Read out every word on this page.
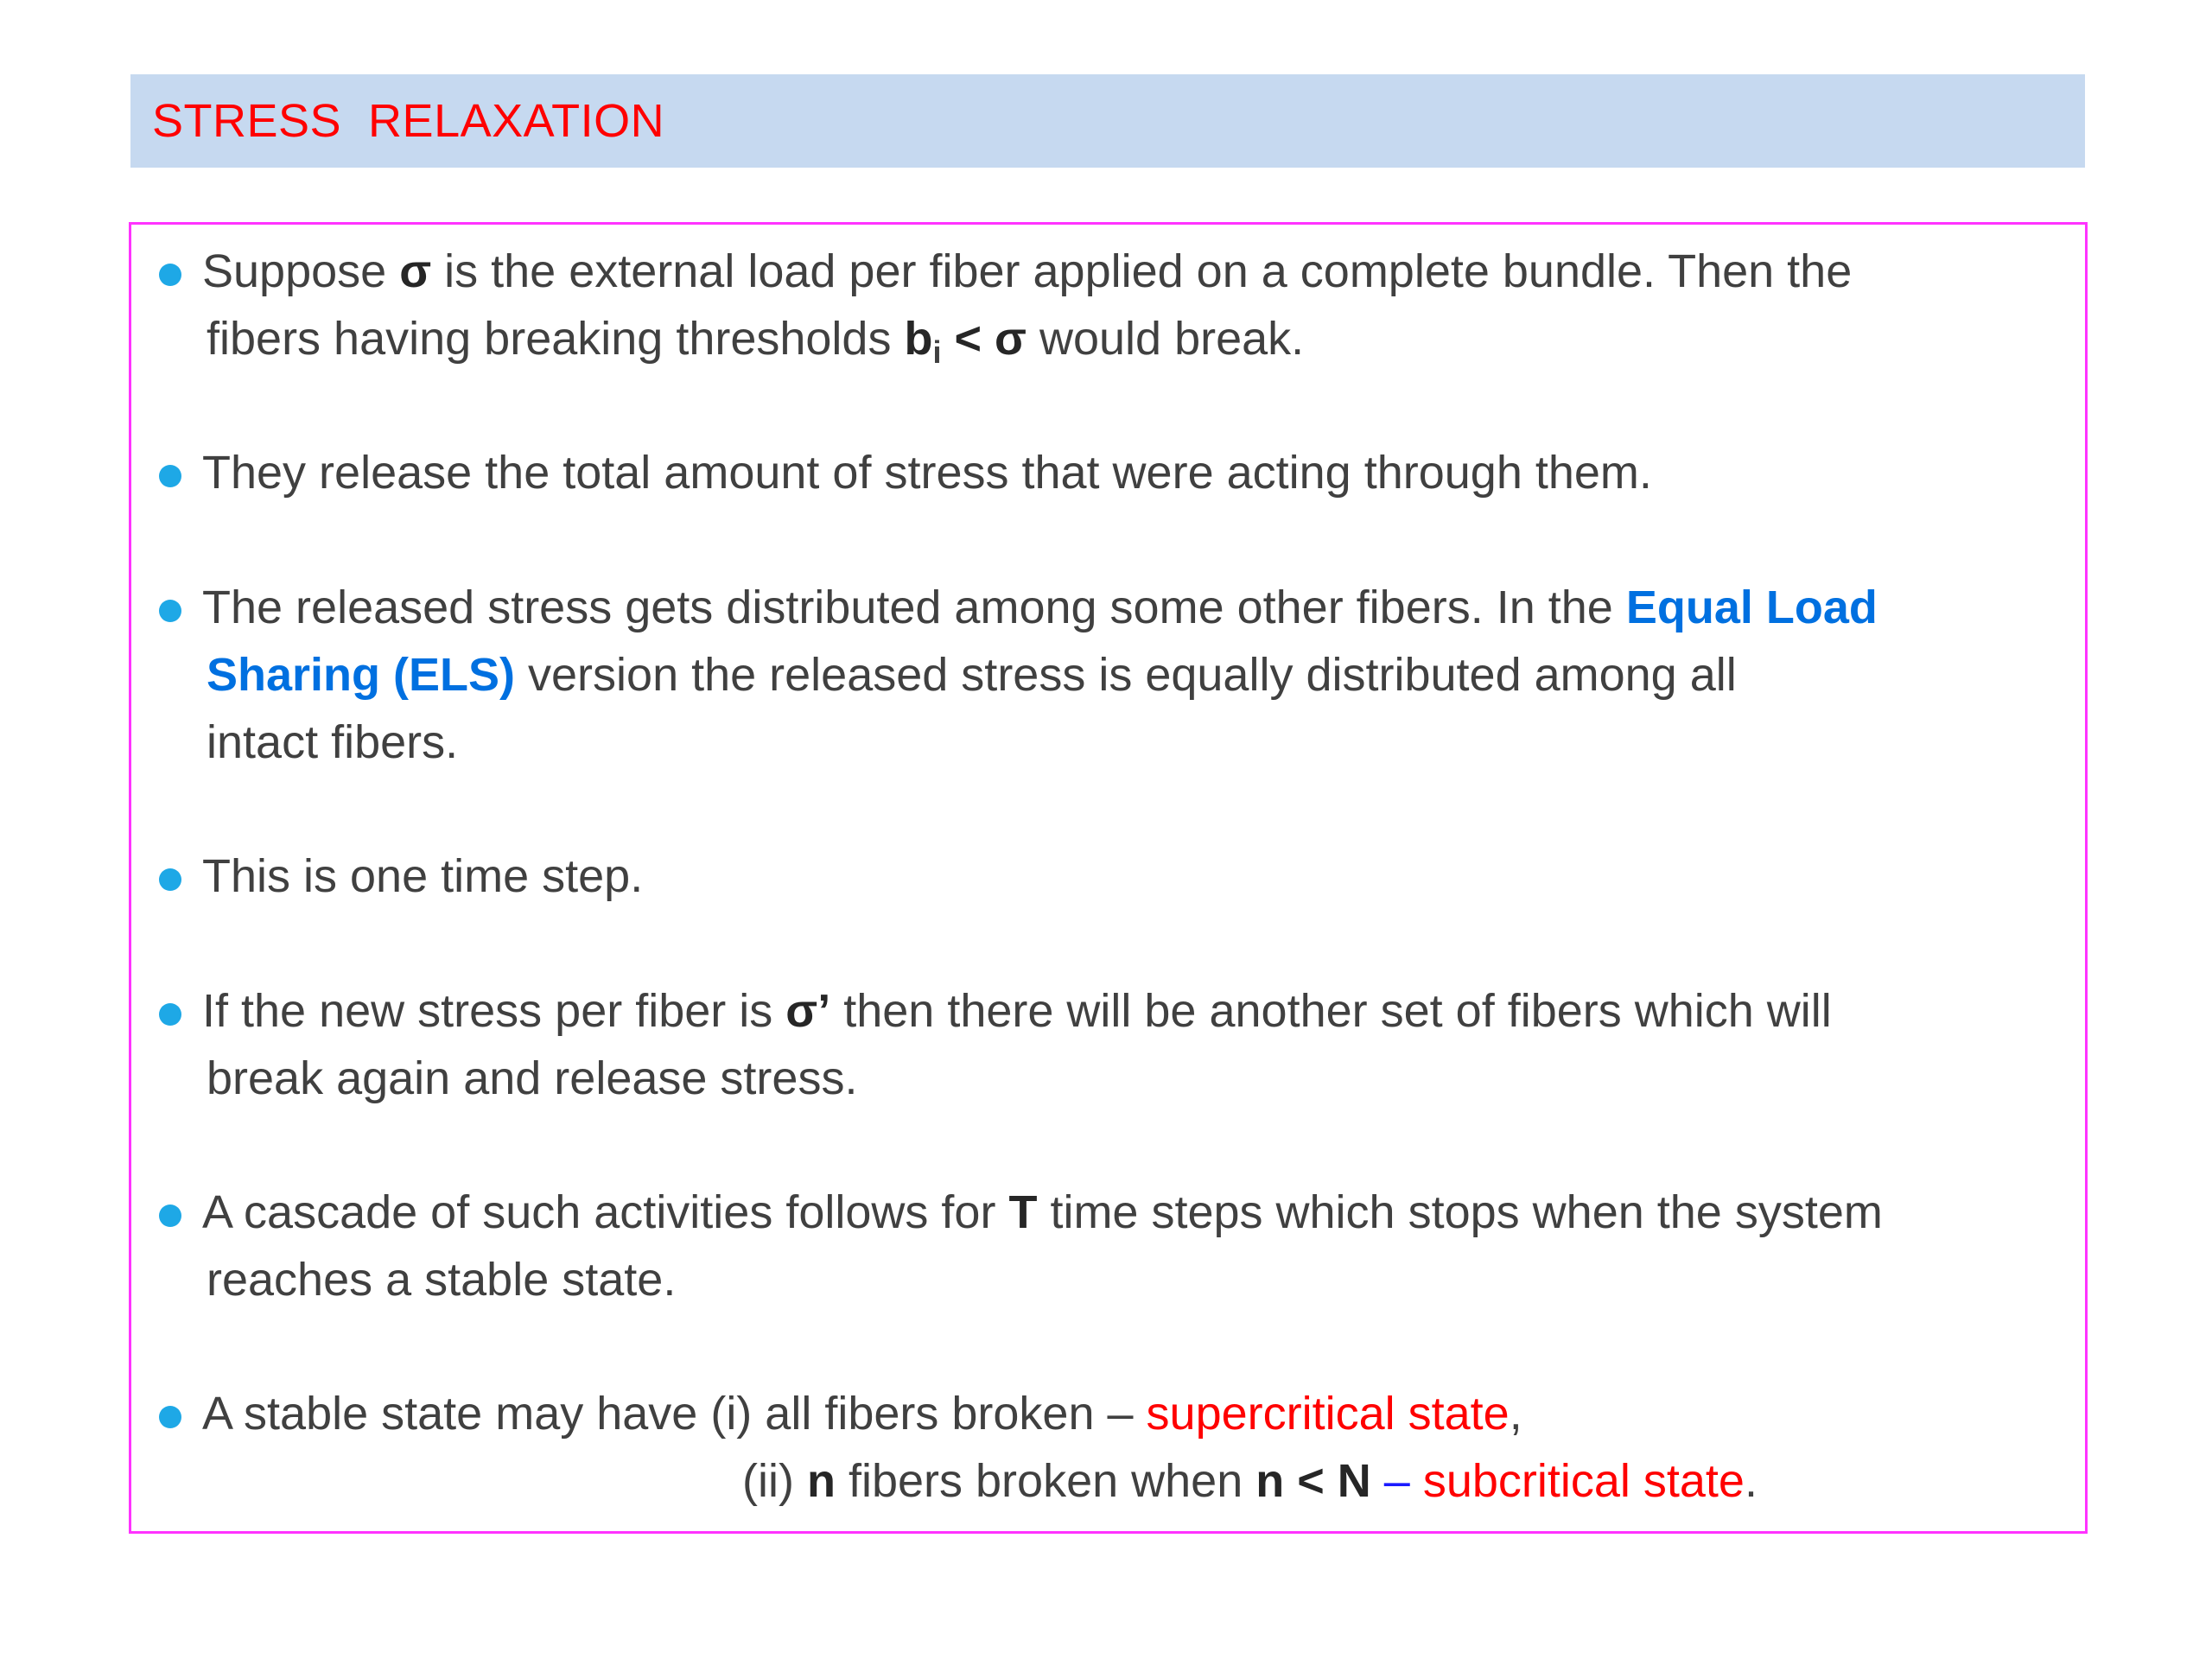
STRESS  RELAXATION
Suppose σ is the external load per fiber applied on a complete bundle. Then the
fibers having breaking thresholds $b_i < \sigma$ would break.
They release the total amount of stress that were acting through them.
The released stress gets distributed among some other fibers. In the Equal Load
Sharing (ELS) version the released stress is equally distributed among all
intact fibers.
This is one time step.
If the new stress per fiber is σ’ then there will be another set of fibers which will
break again and release stress.
A cascade of such activities follows for T time steps which stops when the system
reaches a stable state.
A stable state may have (i) all fibers broken – supercritical state,
(ii) n fibers broken when n < N – subcritical state.
